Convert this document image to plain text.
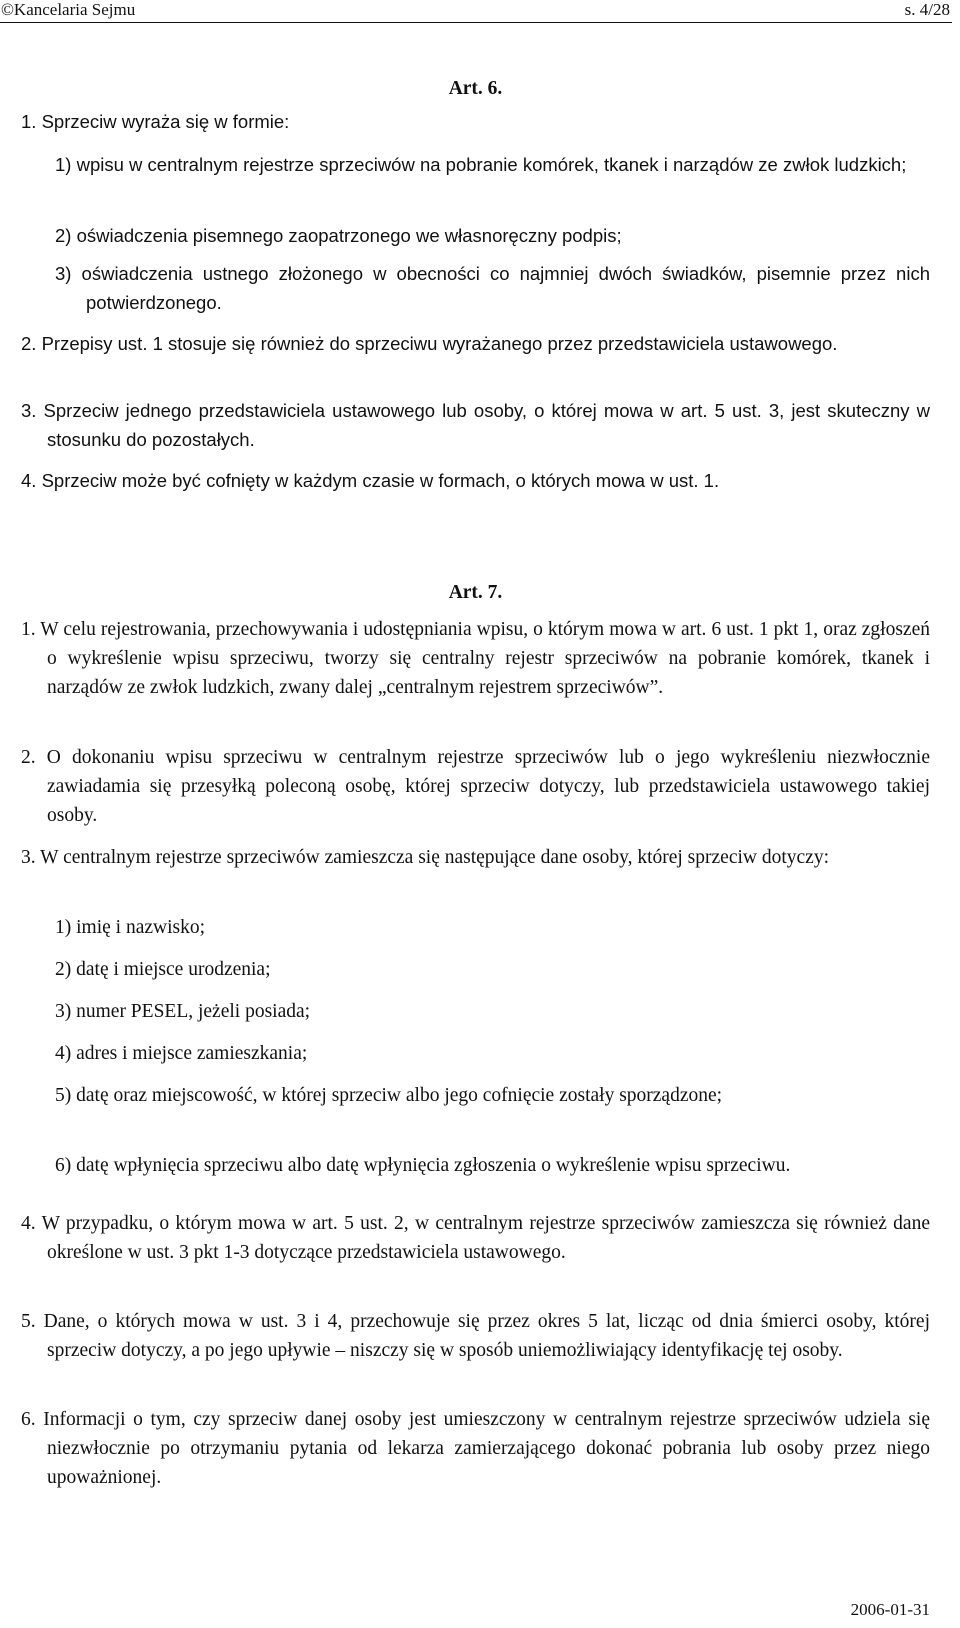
©Kancelaria Sejmu	s. 4/28
Art. 6.
1. Sprzeciw wyraża się w formie:
1) wpisu w centralnym rejestrze sprzeciwów na pobranie komórek, tkanek i narządów ze zwłok ludzkich;
2) oświadczenia pisemnego zaopatrzonego we własnoręczny podpis;
3) oświadczenia ustnego złożonego w obecności co najmniej dwóch świadków, pisemnie przez nich potwierdzonego.
2. Przepisy ust. 1 stosuje się również do sprzeciwu wyrażanego przez przedstawiciela ustawowego.
3. Sprzeciw jednego przedstawiciela ustawowego lub osoby, o której mowa w art. 5 ust. 3, jest skuteczny w stosunku do pozostałych.
4. Sprzeciw może być cofnięty w każdym czasie w formach, o których mowa w ust. 1.
Art. 7.
1. W celu rejestrowania, przechowywania i udostępniania wpisu, o którym mowa w art. 6 ust. 1 pkt 1, oraz zgłoszeń o wykreślenie wpisu sprzeciwu, tworzy się centralny rejestr sprzeciwów na pobranie komórek, tkanek i narządów ze zwłok ludzkich, zwany dalej „centralnym rejestrem sprzeciwów”.
2. O dokonaniu wpisu sprzeciwu w centralnym rejestrze sprzeciwów lub o jego wykreśleniu niezwłocznie zawiadamia się przesyłką poleconą osobę, której sprzeciw dotyczy, lub przedstawiciela ustawowego takiej osoby.
3. W centralnym rejestrze sprzeciwów zamieszcza się następujące dane osoby, której sprzeciw dotyczy:
1) imię i nazwisko;
2) datę i miejsce urodzenia;
3) numer PESEL, jeżeli posiada;
4) adres i miejsce zamieszkania;
5) datę oraz miejscowość, w której sprzeciw albo jego cofnięcie zostały sporządzone;
6) datę wpłynięcia sprzeciwu albo datę wpłynięcia zgłoszenia o wykreślenie wpisu sprzeciwu.
4. W przypadku, o którym mowa w art. 5 ust. 2, w centralnym rejestrze sprzeciwów zamieszcza się również dane określone w ust. 3 pkt 1-3 dotyczące przedstawiciela ustawowego.
5. Dane, o których mowa w ust. 3 i 4, przechowuje się przez okres 5 lat, licząc od dnia śmierci osoby, której sprzeciw dotyczy, a po jego upływie – niszczy się w sposób uniemożliwiający identyfikację tej osoby.
6. Informacji o tym, czy sprzeciw danej osoby jest umieszczony w centralnym rejestrze sprzeciwów udziela się niezwłocznie po otrzymaniu pytania od lekarza zamierzającego dokonać pobrania lub osoby przez niego upoważnionej.
2006-01-31
